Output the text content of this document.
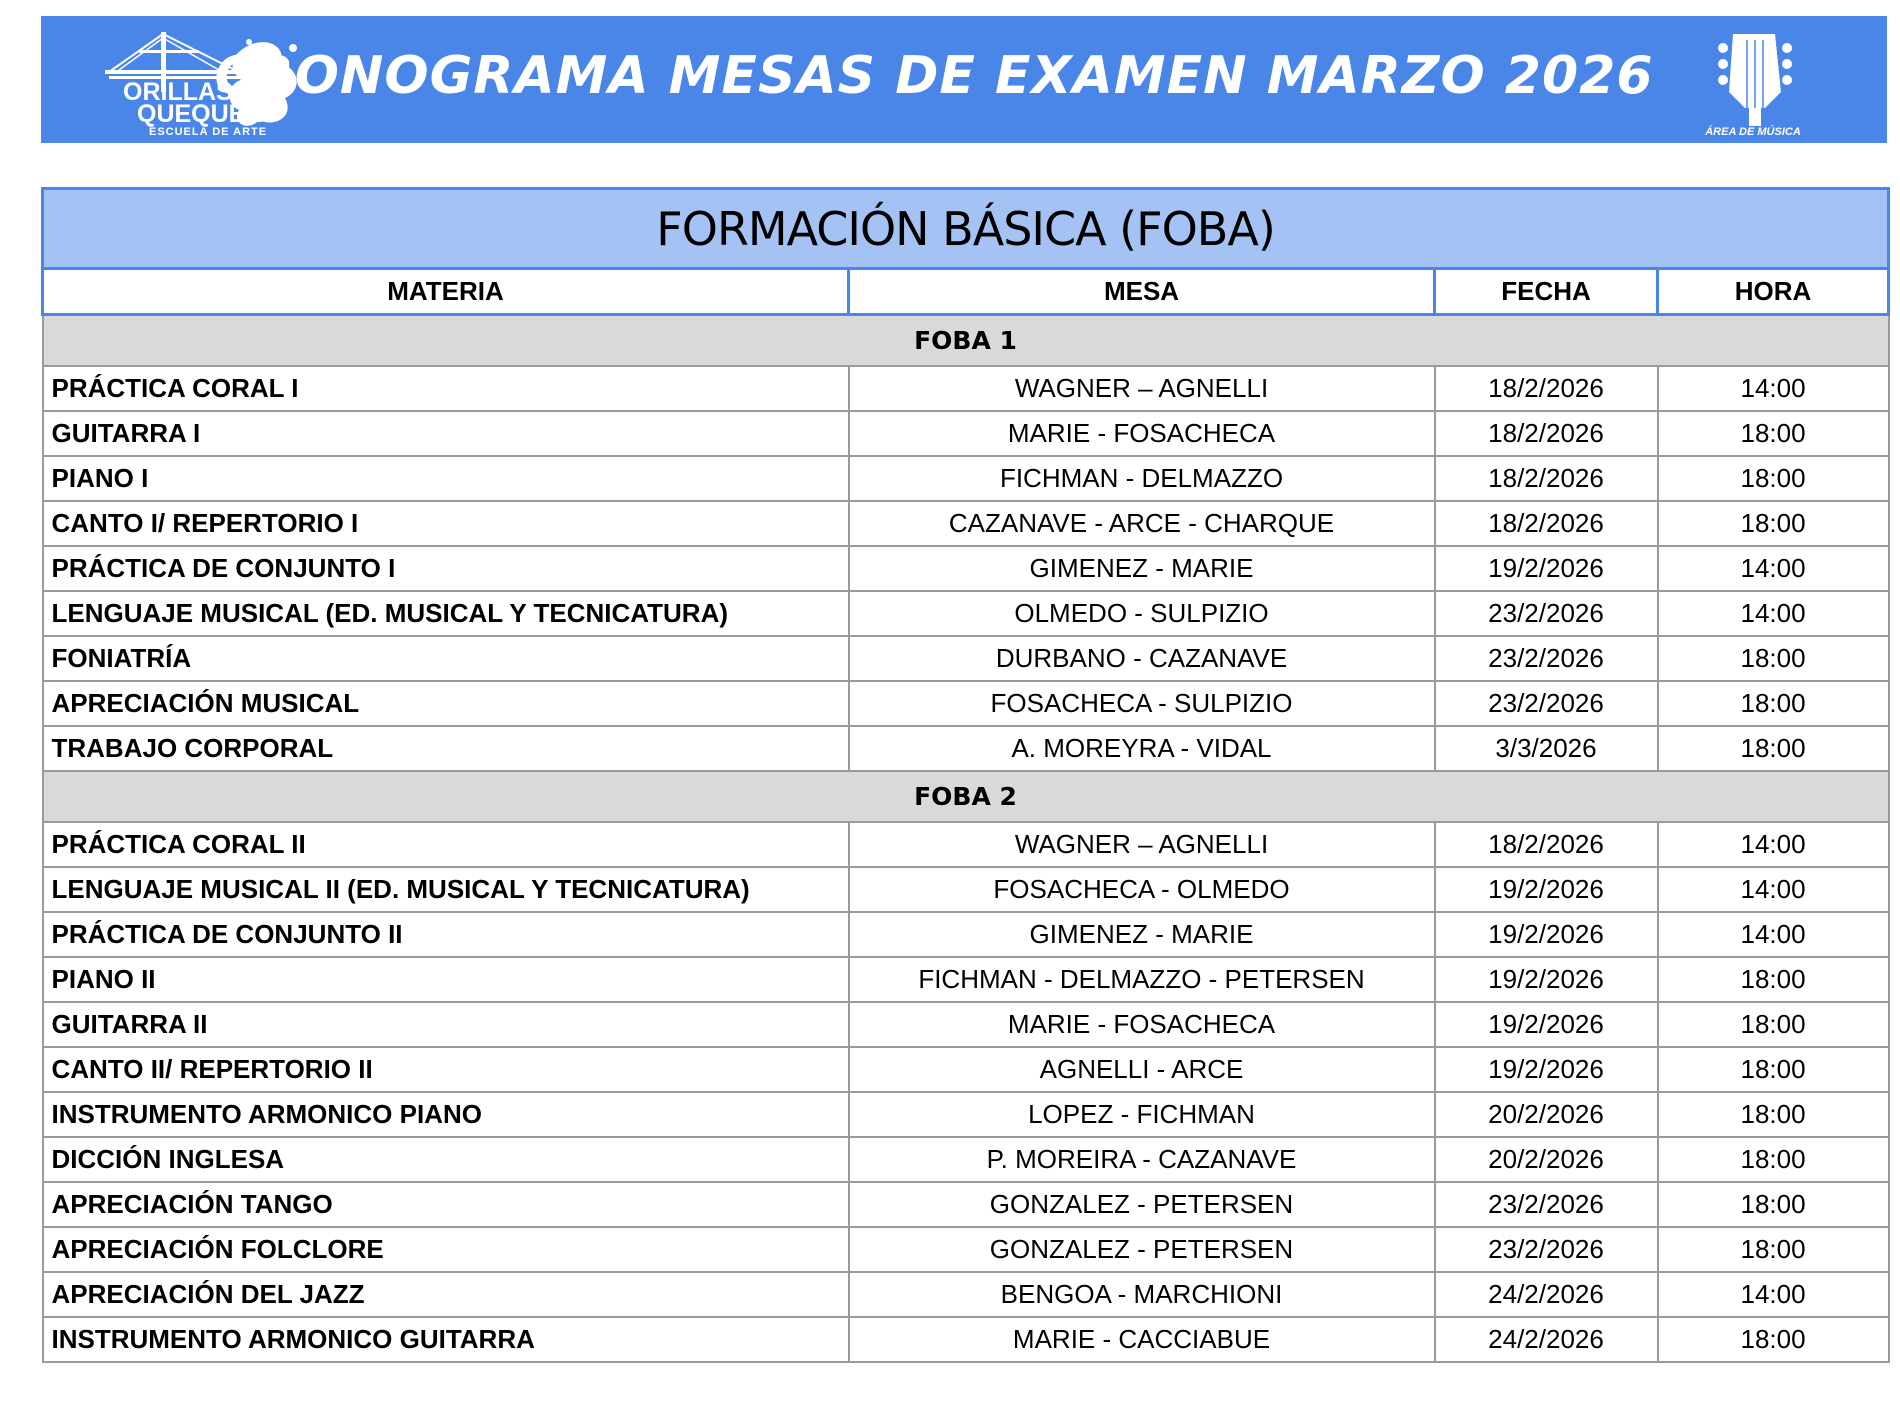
ORILLAS
QUEQUEN
ESCUELA DE ARTE
CRONOGRAMA MESAS DE EXAMEN MARZO 2026
ÁREA DE MÚSICA
FORMACIÓN BÁSICA (FOBA)			
MATERIA	MESA	FECHA	HORA
FOBA 1			
PRÁCTICA CORAL I	WAGNER – AGNELLI	18/2/2026	14:00
GUITARRA I	MARIE - FOSACHECA	18/2/2026	18:00
PIANO I	FICHMAN - DELMAZZO	18/2/2026	18:00
CANTO I/ REPERTORIO I	CAZANAVE - ARCE - CHARQUE	18/2/2026	18:00
PRÁCTICA DE CONJUNTO I	GIMENEZ - MARIE	19/2/2026	14:00
LENGUAJE MUSICAL (ED. MUSICAL Y TECNICATURA)	OLMEDO - SULPIZIO	23/2/2026	14:00
FONIATRÍA	DURBANO - CAZANAVE	23/2/2026	18:00
APRECIACIÓN MUSICAL	FOSACHECA - SULPIZIO	23/2/2026	18:00
TRABAJO CORPORAL	A. MOREYRA - VIDAL	3/3/2026	18:00
FOBA 2			
PRÁCTICA CORAL II	WAGNER – AGNELLI	18/2/2026	14:00
LENGUAJE MUSICAL II (ED. MUSICAL Y TECNICATURA)	FOSACHECA - OLMEDO	19/2/2026	14:00
PRÁCTICA DE CONJUNTO II	GIMENEZ - MARIE	19/2/2026	14:00
PIANO II	FICHMAN - DELMAZZO - PETERSEN	19/2/2026	18:00
GUITARRA II	MARIE - FOSACHECA	19/2/2026	18:00
CANTO II/ REPERTORIO II	AGNELLI - ARCE	19/2/2026	18:00
INSTRUMENTO ARMONICO PIANO	LOPEZ - FICHMAN	20/2/2026	18:00
DICCIÓN INGLESA	P. MOREIRA - CAZANAVE	20/2/2026	18:00
APRECIACIÓN TANGO	GONZALEZ - PETERSEN	23/2/2026	18:00
APRECIACIÓN FOLCLORE	GONZALEZ - PETERSEN	23/2/2026	18:00
APRECIACIÓN DEL JAZZ	BENGOA - MARCHIONI	24/2/2026	14:00
INSTRUMENTO ARMONICO GUITARRA	MARIE - CACCIABUE	24/2/2026	18:00
